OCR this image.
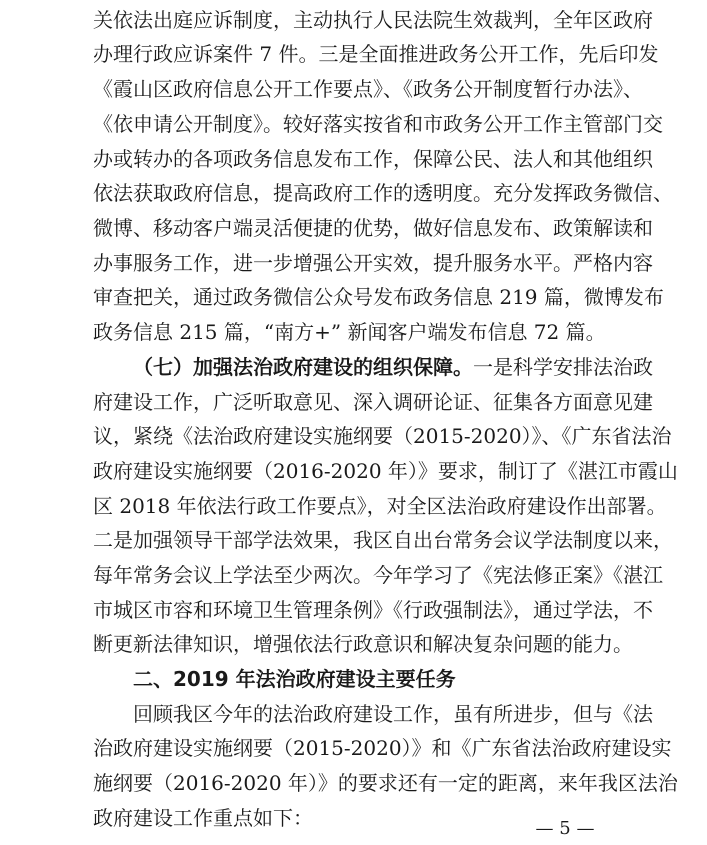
关依法出庭应诉制度，主动执行人民法院生效裁判，全年区政府
办理行政应诉案件 7 件。三是全面推进政务公开工作，先后印发
《霞山区政府信息公开工作要点》、《政务公开制度暂行办法》、
《依申请公开制度》。较好落实按省和市政务公开工作主管部门交
办或转办的各项政务信息发布工作，保障公民、法人和其他组织
依法获取政府信息，提高政府工作的透明度。充分发挥政务微信、
微博、移动客户端灵活便捷的优势，做好信息发布、政策解读和
办事服务工作，进一步增强公开实效，提升服务水平。严格内容
审查把关，通过政务微信公众号发布政务信息 219 篇，微博发布
政务信息 215 篇，“南方+” 新闻客户端发布信息 72 篇。
（七）加强法治政府建设的组织保障。一是科学安排法治政
府建设工作，广泛听取意见、深入调研论证、征集各方面意见建
议，紧绕《法治政府建设实施纲要（2015-2020）》、《广东省法治
政府建设实施纲要（2016-2020 年）》要求，制订了《湛江市霞山
区 2018 年依法行政工作要点》，对全区法治政府建设作出部署。
二是加强领导干部学法效果，我区自出台常务会议学法制度以来，
每年常务会议上学法至少两次。今年学习了《宪法修正案》《湛江
市城区市容和环境卫生管理条例》《行政强制法》，通过学法，不
断更新法律知识，增强依法行政意识和解决复杂问题的能力。
二、2019 年法治政府建设主要任务
回顾我区今年的法治政府建设工作，虽有所进步，但与《法
治政府建设实施纲要（2015-2020）》和《广东省法治政府建设实
施纲要（2016-2020 年）》的要求还有一定的距离，来年我区法治
政府建设工作重点如下：	— 5 —
